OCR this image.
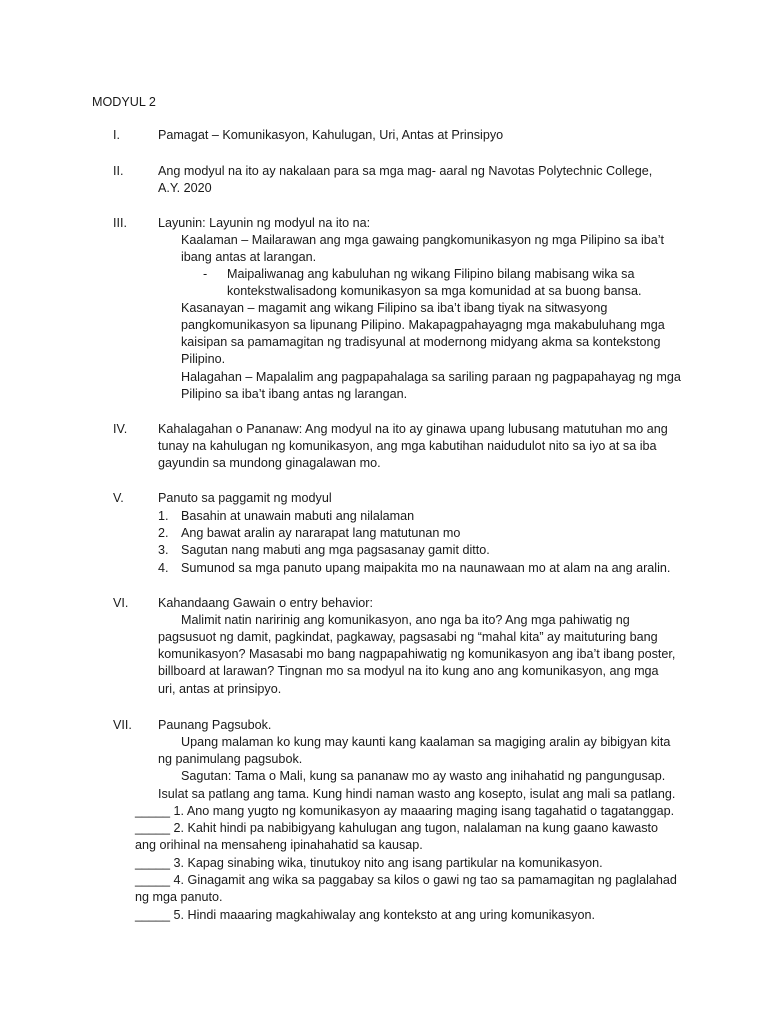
MODYUL 2
I.	Pamagat – Komunikasyon, Kahulugan, Uri, Antas at Prinsipyo
II.	Ang modyul na ito ay nakalaan para sa mga mag- aaral ng Navotas Polytechnic College,
A.Y. 2020
III. Layunin: Layunin ng modyul na ito na:
Kaalaman – Mailarawan ang mga gawaing pangkomunikasyon ng mga Pilipino sa iba’t
ibang antas at larangan.
- Maipaliwanag ang kabuluhan ng wikang Filipino bilang mabisang wika sa
kontekstwalisadong komunikasyon sa mga komunidad at sa buong bansa.
Kasanayan – magamit ang wikang Filipino sa iba’t ibang tiyak na sitwasyong
pangkomunikasyon sa lipunang Pilipino. Makapagpahayagng mga makabuluhang mga
kaisipan sa pamamagitan ng tradisyunal at modernong midyang akma sa kontekstong
Pilipino.
Halagahan – Mapalalim ang pagpapahalaga sa sariling paraan ng pagpapahayag ng mga
Pilipino sa iba’t ibang antas ng larangan.
IV. Kahalagahan o Pananaw: Ang modyul na ito ay ginawa upang lubusang matutuhan mo ang
tunay na kahulugan ng komunikasyon, ang mga kabutihan naidudulot nito sa iyo at sa iba
gayundin sa mundong ginagalawan mo.
V.	Panuto sa paggamit ng modyul
1. Basahin at unawain mabuti ang nilalaman
2. Ang bawat aralin ay nararapat lang matutunan mo
3. Sagutan nang mabuti ang mga pagsasanay gamit ditto.
4. Sumunod sa mga panuto upang maipakita mo na naunawaan mo at alam na ang aralin.
VI. Kahandaang Gawain o entry behavior:
Malimit natin naririnig ang komunikasyon, ano nga ba ito? Ang mga pahiwatig ng
pagsusuot ng damit, pagkindat, pagkaway, pagsasabi ng “mahal kita” ay maituturing bang
komunikasyon? Masasabi mo bang nagpapahiwatig ng komunikasyon ang iba’t ibang poster,
billboard at larawan? Tingnan mo sa modyul na ito kung ano ang komunikasyon, ang mga
uri, antas at prinsipyo.
VII. Paunang Pagsubok.
Upang malaman ko kung may kaunti kang kaalaman sa magiging aralin ay bibigyan kita
ng panimulang pagsubok.
Sagutan: Tama o Mali, kung sa pananaw mo ay wasto ang inihahatid ng pangungusap.
Isulat sa patlang ang tama. Kung hindi naman wasto ang kosepto, isulat ang mali sa patlang.
_____ 1. Ano mang yugto ng komunikasyon ay maaaring maging isang tagahatid o tagatanggap.
_____ 2. Kahit hindi pa nabibigyang kahulugan ang tugon, nalalaman na kung gaano kawasto
ang orihinal na mensaheng ipinahahatid sa kausap.
_____ 3. Kapag sinabing wika, tinutukoy nito ang isang partikular na komunikasyon.
_____ 4. Ginagamit ang wika sa paggabay sa kilos o gawi ng tao sa pamamagitan ng paglalahad
ng mga panuto.
_____ 5. Hindi maaaring magkahiwalay ang konteksto at ang uring komunikasyon.
